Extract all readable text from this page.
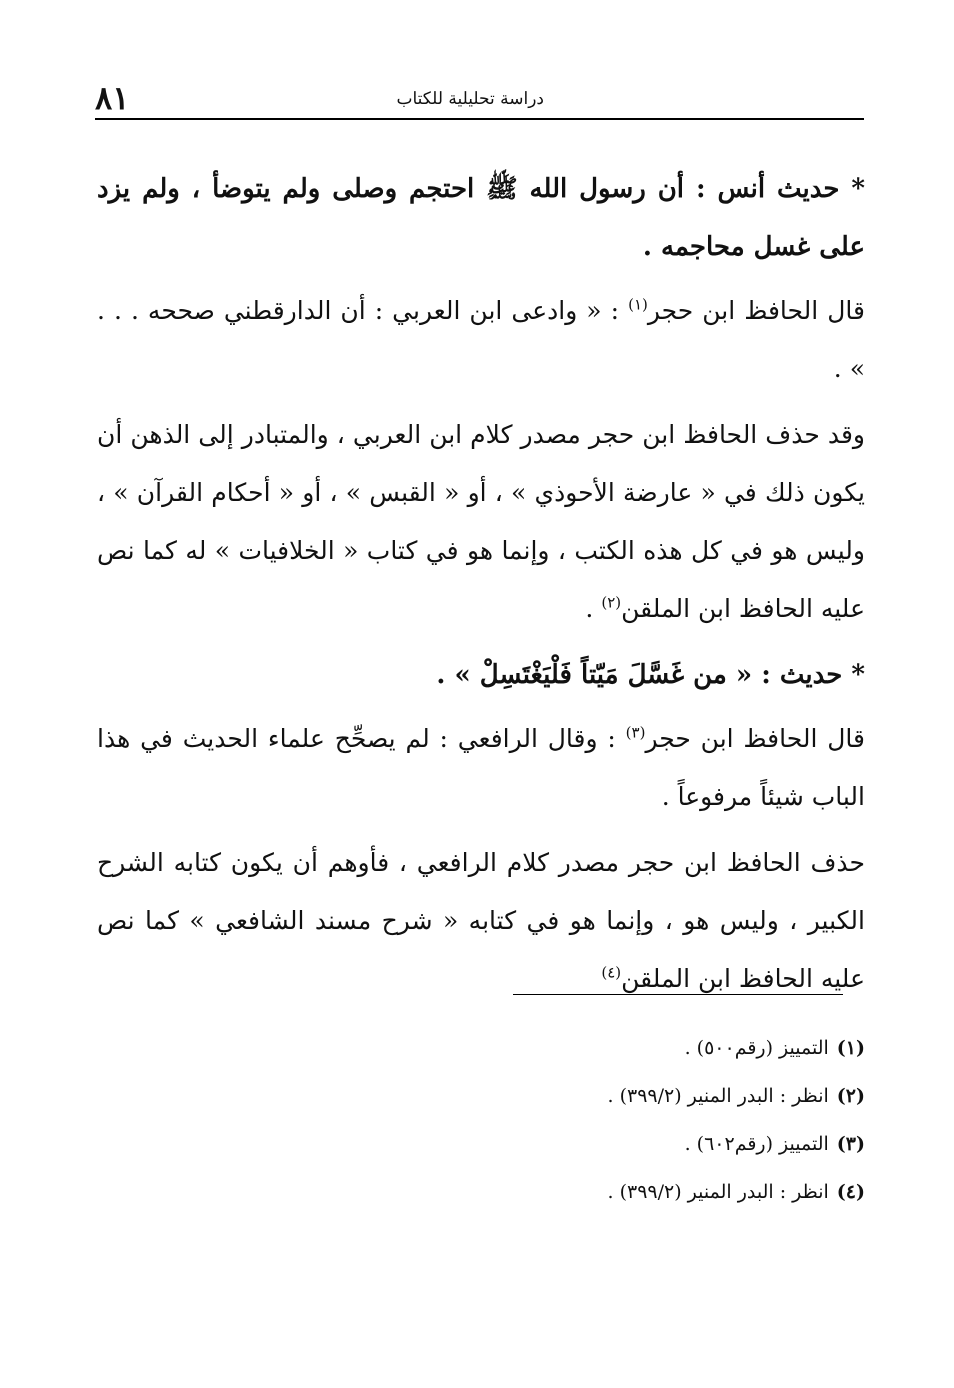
٨١	دراسة تحليلية للكتاب

* حديث أنس : أن رسول الله ﷺ احتجم وصلى ولم يتوضأ ، ولم يزد على غسل محاجمه .

قال الحافظ ابن حجر$^{(١)}$ : « وادعى ابن العربي : أن الدارقطني صححه . . . » .

وقد حذف الحافظ ابن حجر مصدر كلام ابن العربي ، والمتبادر إلى الذهن أن يكون ذلك في « عارضة الأحوذي » ، أو « القبس » ، أو « أحكام القرآن » ، وليس هو في كل هذه الكتب ، وإنما هو في كتاب « الخلافيات » له كما نص عليه الحافظ ابن الملقن$^{(٢)}$ .

* حديث : « من غَسَّلَ مَيّتاً فَلْيَغْتَسِلْ » .

قال الحافظ ابن حجر$^{(٣)}$ : وقال الرافعي : لم يصحِّح علماء الحديث في هذا الباب شيئاً مرفوعاً .

حذف الحافظ ابن حجر مصدر كلام الرافعي ، فأوهم أن يكون كتابه الشرح الكبير ، وليس هو ، وإنما هو في كتابه « شرح مسند الشافعي » كما نص عليه الحافظ ابن الملقن$^{(٤)}$

(١)التمييز (رقم٥٠٠) .
(٢)انظر : البدر المنير (٣٩٩/٢) .
(٣)التمييز (رقم٦٠٢) .
(٤)انظر : البدر المنير (٣٩٩/٢) .
